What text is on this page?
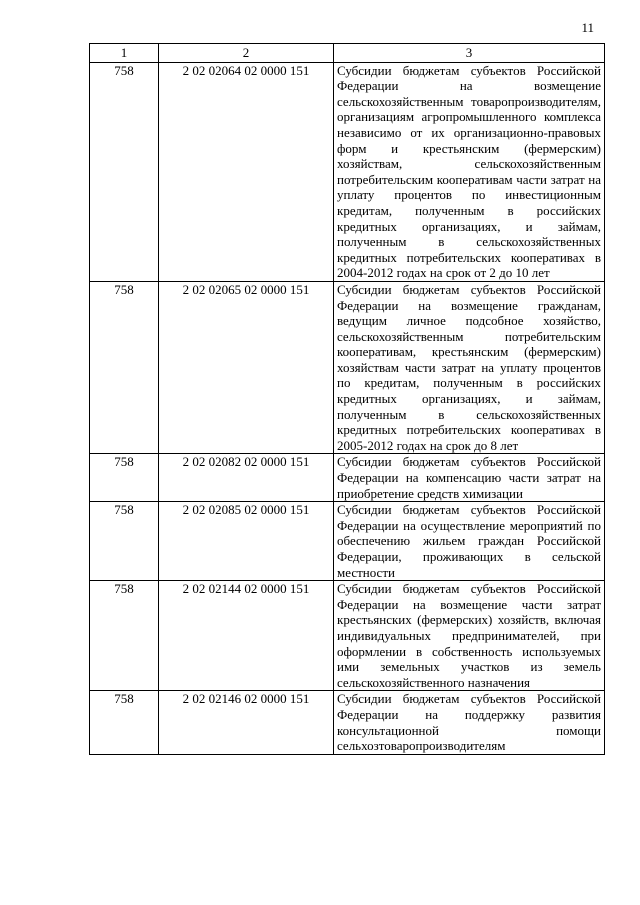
11
1	2	3
758	2 02 02064 02 0000 151	Субсидии бюджетам субъектов Российской Федерации на возмещение сельскохозяйственным товаропроизводителям, организациям агропромышленного комплекса независимо от их организационно-правовых форм и крестьянским (фермерским) хозяйствам, сельскохозяйственным потребительским кооперативам части затрат на уплату процентов по инвестиционным кредитам, полученным в российских кредитных организациях, и займам, полученным в сельскохозяйственных кредитных потребительских кооперативах в 2004-2012 годах на срок от 2 до 10 лет
758	2 02 02065 02 0000 151	Субсидии бюджетам субъектов Российской Федерации на возмещение гражданам, ведущим личное подсобное хозяйство, сельскохозяйственным потребительским кооперативам, крестьянским (фермерским) хозяйствам части затрат на уплату процентов по кредитам, полученным в российских кредитных организациях, и займам, полученным в сельскохозяйственных кредитных потребительских кооперативах в 2005-2012 годах на срок до 8 лет
758	2 02 02082 02 0000 151	Субсидии бюджетам субъектов Российской Федерации на компенсацию части затрат на приобретение средств химизации
758	2 02 02085 02 0000 151	Субсидии бюджетам субъектов Российской Федерации на осуществление мероприятий по обеспечению жильем граждан Российской Федерации, проживающих в сельской местности
758	2 02 02144 02 0000 151	Субсидии бюджетам субъектов Российской Федерации на возмещение части затрат крестьянских (фермерских) хозяйств, включая индивидуальных предпринимателей, при оформлении в собственность используемых ими земельных участков из земель сельскохозяйственного назначения
758	2 02 02146 02 0000 151	Субсидии бюджетам субъектов Российской Федерации на поддержку развития консультационной помощи сельхозтоваропроизводителям
